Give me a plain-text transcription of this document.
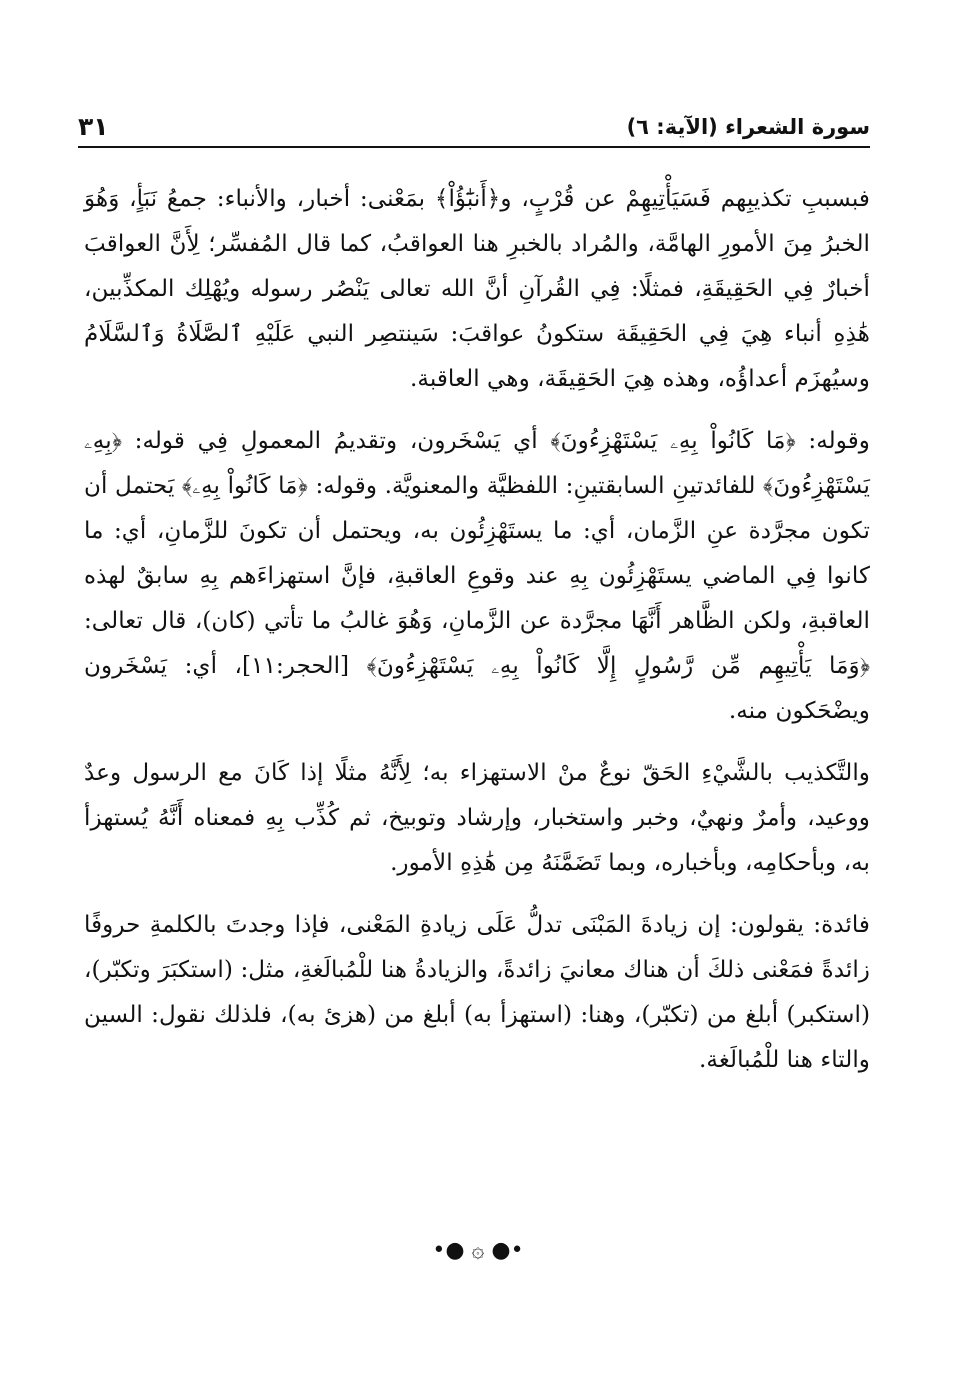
سورة الشعراء (الآية: ٦)
٣١

فبسببِ تكذيبِهم فَسَيَأْتِيهِمْ عن قُرْبٍ، و﴿أَنبَٰٓؤُاْ﴾ بمَعْنى: أخبار، والأنباء: جمعُ نَبَأٍ، وَهُوَ الخبرُ مِنَ الأمورِ الهامَّة، والمُراد بالخبرِ هنا العواقبُ، كما قال المُفسِّر؛ لِأَنَّ العواقبَ أخبارٌ فِي الحَقِيقَةِ، فمثلًا: فِي القُرآنِ أنَّ الله تعالى يَنْصُر رسوله ويُهْلِك المكذِّبين، هَٰذِهِ أنباء هِيَ فِي الحَقِيقَة ستكونُ عواقبَ: سَينتصِر النبي عَلَيْهِ ٱلصَّلَاةُ وَٱلسَّلَامُ وسيُهزَم أعداؤُه، وهذه هِيَ الحَقِيقَة، وهي العاقبة.

وقوله: ﴿مَا كَانُواْ بِهِۦ يَسْتَهْزِءُونَ﴾ أي يَسْخَرون، وتقديمُ المعمولِ فِي قوله: ﴿بِهِۦ يَسْتَهْزِءُونَ﴾ للفائدتينِ السابقتينِ: اللفظيَّة والمعنويَّة. وقوله: ﴿مَا كَانُواْ بِهِۦ﴾ يَحتمل أن تكون مجرَّدة عنِ الزَّمان، أي: ما يستَهْزِئُون به، ويحتمل أن تكونَ للزَّمانِ، أي: ما كانوا فِي الماضي يستَهْزِئُون بِهِ عند وقوعِ العاقبةِ، فإنَّ استهزاءَهم بِهِ سابقٌ لهذه العاقبةِ، ولكن الظَّاهر أَنَّهَا مجرَّدة عن الزَّمانِ، وَهُوَ غالبُ ما تأتي (كان)، قال تعالى: ﴿وَمَا يَأْتِيهِم مِّن رَّسُولٍ إِلَّا كَانُواْ بِهِۦ يَسْتَهْزِءُونَ﴾ [الحجر:١١]، أي: يَسْخَرون ويضْحَكون منه.

والتَّكذيب بالشَّيْءِ الحَقّ نوعٌ منْ الاستهزاء به؛ لِأَنَّهُ مثلًا إذا كَانَ مع الرسول وعدٌ ووعيد، وأمرٌ ونهيٌ، وخبر واستخبار، وإرشاد وتوبيخ، ثم كُذِّب بِهِ فمعناه أَنَّهُ يُستهزأ به، وبأحكامِه، وبأخباره، وبما تَضَمَّنَهُ مِن هَٰذِهِ الأمور.

فائدة: يقولون: إن زيادةَ المَبْنَى تدلُّ عَلَى زيادةِ المَعْنى، فإذا وجدتَ بالكلمةِ حروفًا زائدةً فمَعْنى ذلكَ أن هناك معانيَ زائدةً، والزيادةُ هنا للْمُبالَغةِ، مثل: (استكبَرَ وتكبّر)، (استكبر) أبلغ من (تكبّر)، وهنا: (استهزأ به) أبلغ من (هزئ به)، فلذلك نقول: السين والتاء هنا للْمُبالَغة.

•● ۞ ●•
